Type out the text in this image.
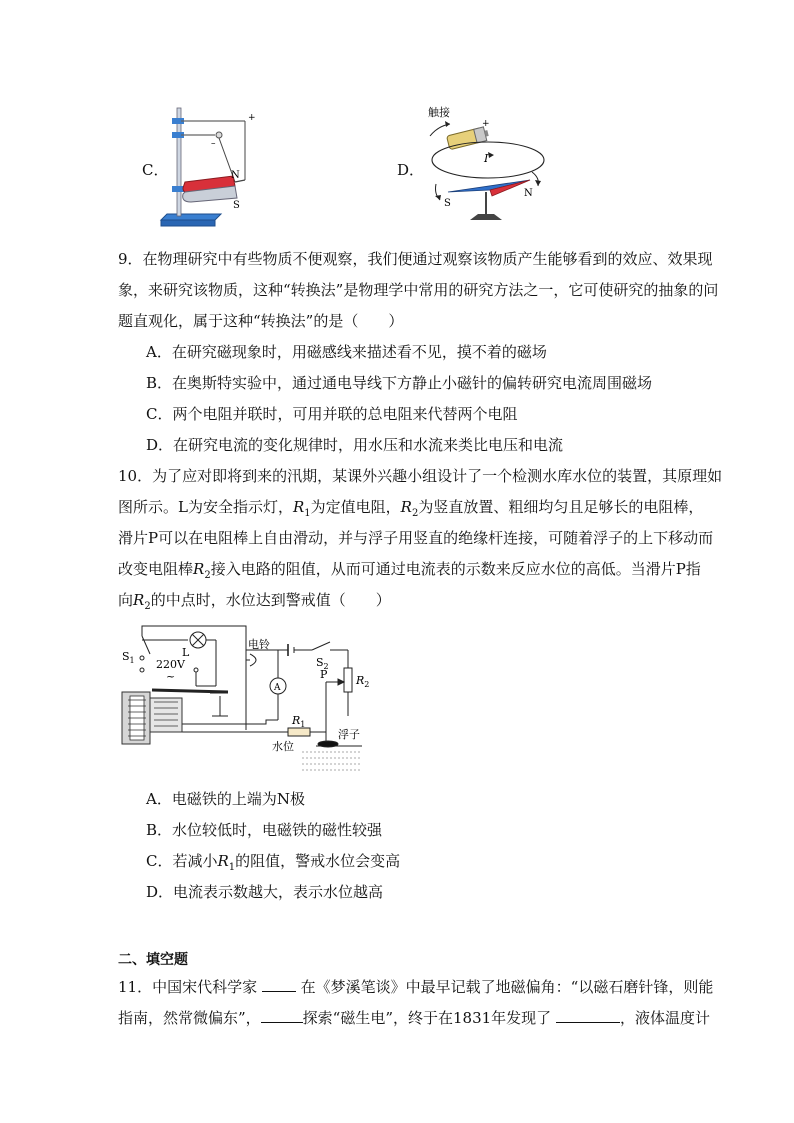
C．
+
–
N
S
D．
触接
+
I
S
N
9．在物理研究中有些物质不便观察，我们便通过观察该物质产生能够看到的效应、效果现
象，来研究该物质，这种“转换法”是物理学中常用的研究方法之一，它可使研究的抽象的问
题直观化，属于这种“转换法”的是（　　）
A．在研究磁现象时，用磁感线来描述看不见，摸不着的磁场
B．在奥斯特实验中，通过通电导线下方静止小磁针的偏转研究电流周围磁场
C．两个电阻并联时，可用并联的总电阻来代替两个电阻
D．在研究电流的变化规律时，用水压和水流来类比电压和电流
10．为了应对即将到来的汛期，某课外兴趣小组设计了一个检测水库水位的装置，其原理如
图所示。L为安全指示灯，$R_1$为定值电阻，$R_2$为竖直放置、粗细均匀且足够长的电阻棒，
滑片P可以在电阻棒上自由滑动，并与浮子用竖直的绝缘杆连接，可随着浮子的上下移动而
改变电阻棒$R_2$接入电路的阻值，从而可通过电流表的示数来反应水位的高低。当滑片P指
向$R_2$的中点时，水位达到警戒值（　　）
$S_1$
L
220V
~
电铃
A
$S_2$
P	$R_2$
$R_1$
浮子
水位
A．电磁铁的上端为N极
B．水位较低时，电磁铁的磁性较强
C．若减小$R_1$的阻值，警戒水位会变高
D．电流表示数越大，表示水位越高
二、填空题
11．中国宋代科学家	在《梦溪笔谈》中最早记载了地磁偏角：“以磁石磨针锋，则能
指南，然常微偏东”，	探索“磁生电”，终于在1831年发现了	，液体温度计
